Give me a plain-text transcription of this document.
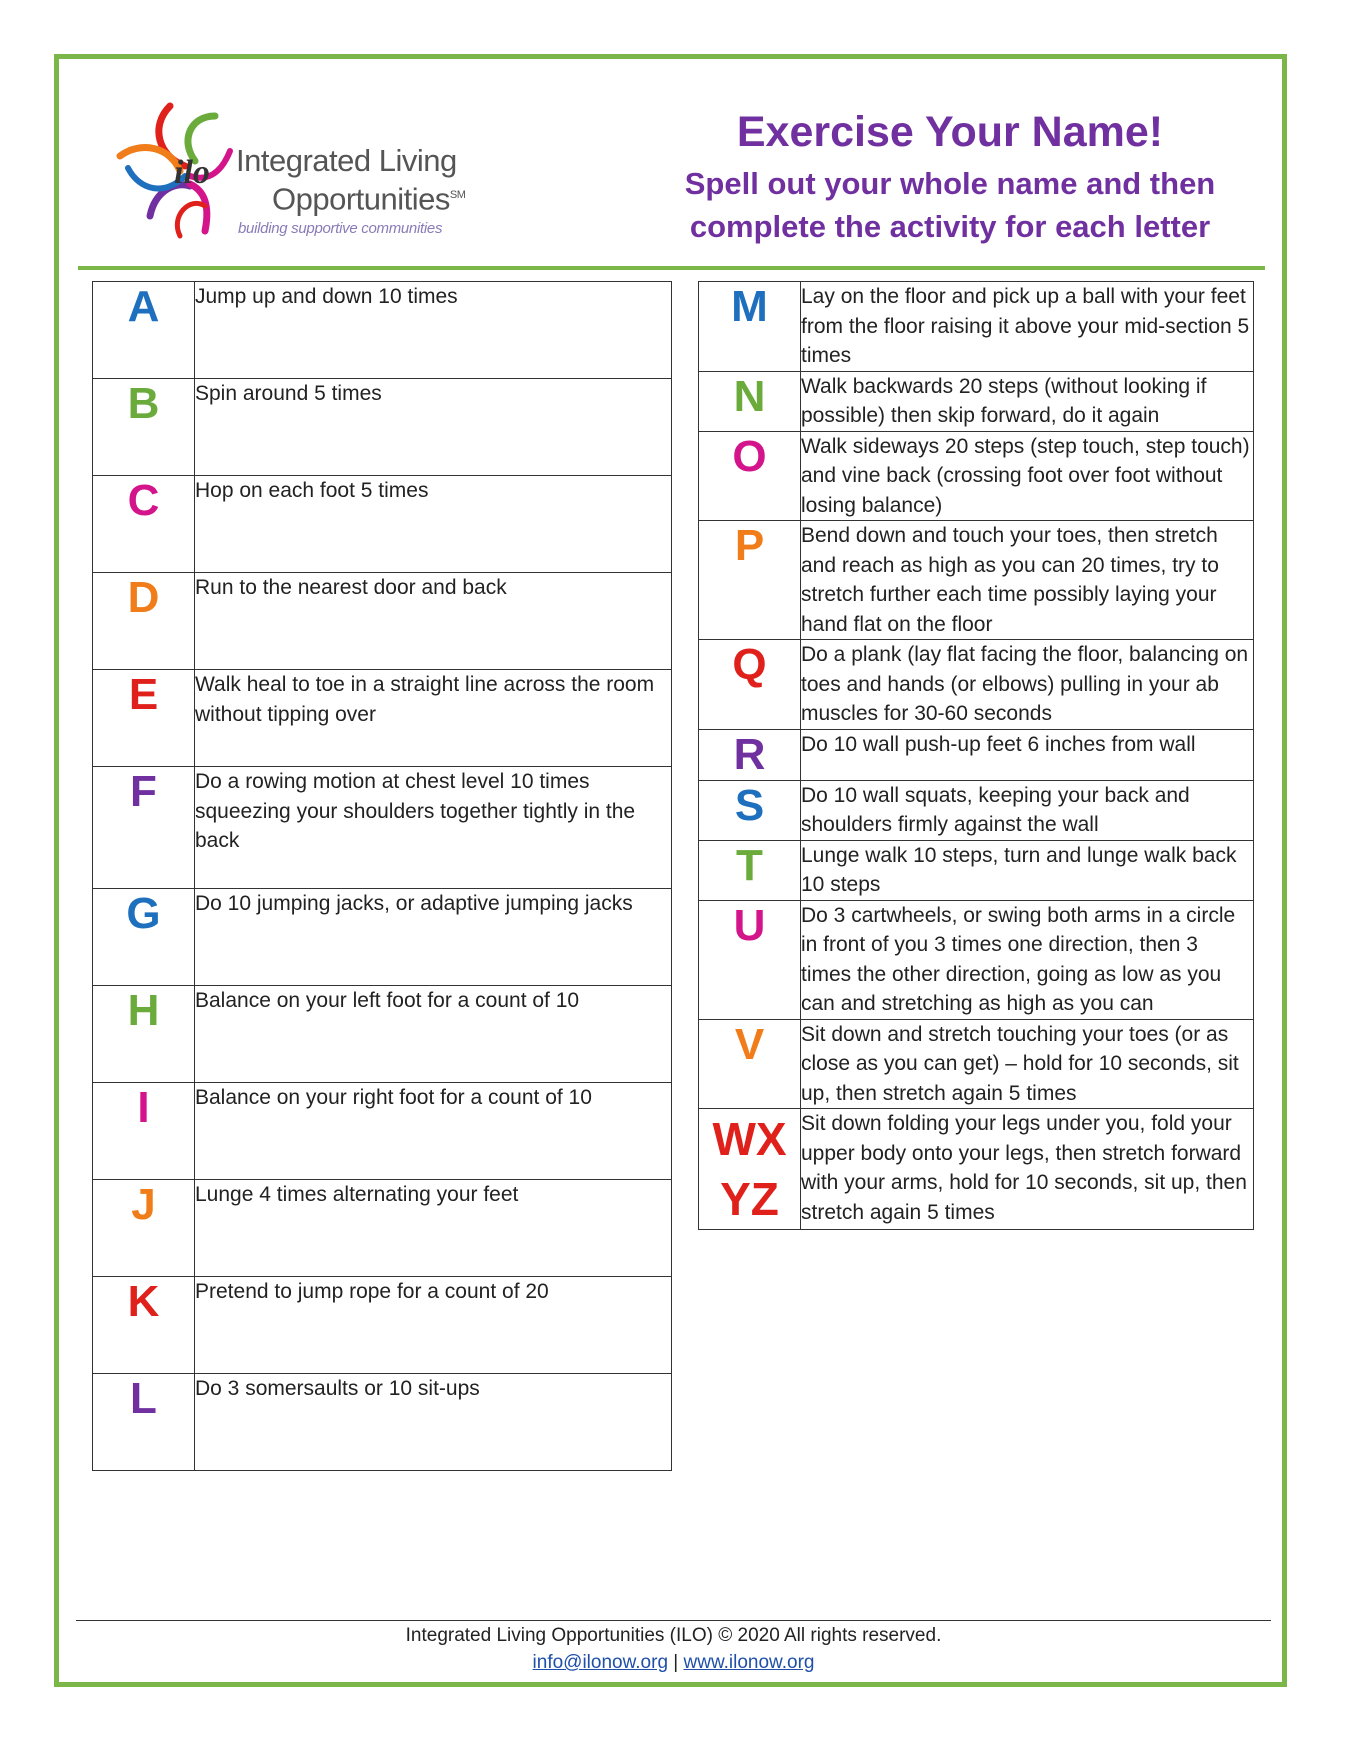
ilo Integrated Living
Opportunities℠
building supportive communities
Exercise Your Name!
Spell out your whole name and then
complete the activity for each letter
A	Jump up and down 10 times
B	Spin around 5 times
C	Hop on each foot 5 times
D	Run to the nearest door and back
E	Walk heal to toe in a straight line across the room without tipping over
F	Do a rowing motion at chest level 10 times squeezing your shoulders together tightly in the back
G	Do 10 jumping jacks, or adaptive jumping jacks
H	Balance on your left foot for a count of 10
I	Balance on your right foot for a count of 10
J	Lunge 4 times alternating your feet
K	Pretend to jump rope for a count of 20
L	Do 3 somersaults or 10 sit-ups
M	Lay on the floor and pick up a ball with your feet from the floor raising it above your mid-section 5 times
N	Walk backwards 20 steps (without looking if possible) then skip forward, do it again
O	Walk sideways 20 steps (step touch, step touch) and vine back (crossing foot over foot without losing balance)
P	Bend down and touch your toes, then stretch and reach as high as you can 20 times, try to stretch further each time possibly laying your hand flat on the floor
Q	Do a plank (lay flat facing the floor, balancing on toes and hands (or elbows) pulling in your ab muscles for 30-60 seconds
R	Do 10 wall push-up feet 6 inches from wall
S	Do 10 wall squats, keeping your back and shoulders firmly against the wall
T	Lunge walk 10 steps, turn and lunge walk back 10 steps
U	Do 3 cartwheels, or swing both arms in a circle in front of you 3 times one direction, then 3 times the other direction, going as low as you can and stretching as high as you can
V	Sit down and stretch touching your toes (or as close as you can get) – hold for 10 seconds, sit up, then stretch again 5 times
WX YZ	Sit down folding your legs under you, fold your upper body onto your legs, then stretch forward with your arms, hold for 10 seconds, sit up, then stretch again 5 times
Integrated Living Opportunities (ILO) © 2020 All rights reserved.
info@ilonow.org | www.ilonow.org
